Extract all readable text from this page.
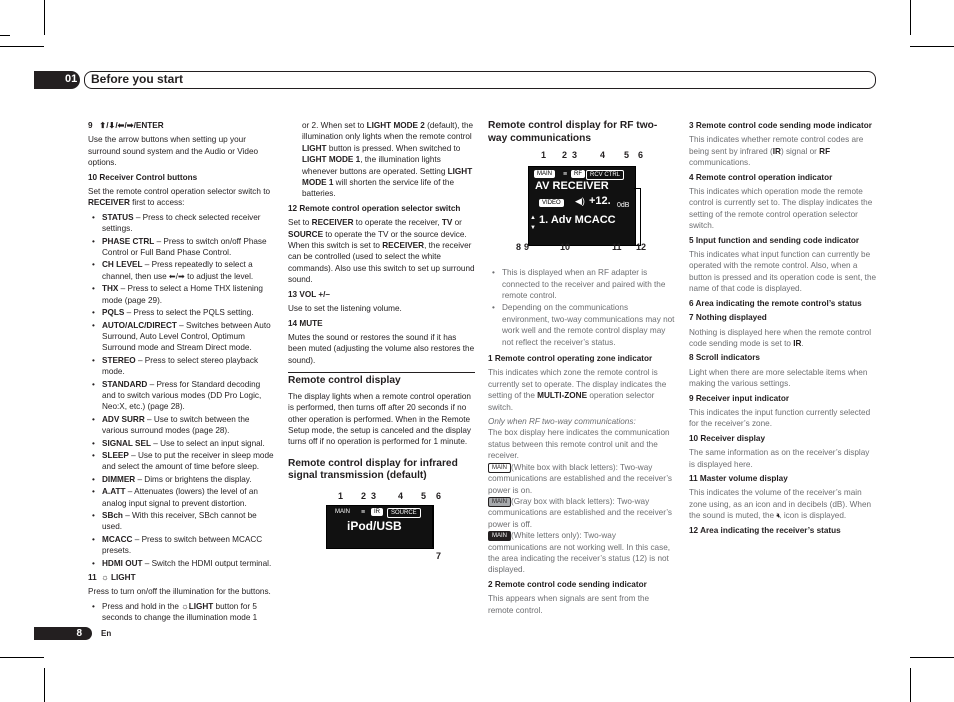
01 Before you start

9 ⬆/⬇/⬅/➡/ENTER

Use the arrow buttons when setting up your surround sound system and the Audio or Video options.

10 Receiver Control buttons

Set the remote control operation selector switch to RECEIVER first to access:

• STATUS – Press to check selected receiver settings.
• PHASE CTRL – Press to switch on/off Phase Control or Full Band Phase Control.
• CH LEVEL – Press repeatedly to select a channel, then use ⬅/➡ to adjust the level.
• THX – Press to select a Home THX listening mode (page 29).
• PQLS – Press to select the PQLS setting.
• AUTO/ALC/DIRECT – Switches between Auto Surround, Auto Level Control, Optimum Surround mode and Stream Direct mode.
• STEREO – Press to select stereo playback mode.
• STANDARD – Press for Standard decoding and to switch various modes (DD Pro Logic, Neo:X, etc.) (page 28).
• ADV SURR – Use to switch between the various surround modes (page 28).
• SIGNAL SEL – Use to select an input signal.
• SLEEP – Use to put the receiver in sleep mode and select the amount of time before sleep.
• DIMMER – Dims or brightens the display.
• A.ATT – Attenuates (lowers) the level of an analog input signal to prevent distortion.
• SBch – With this receiver, SBch cannot be used.
• MCACC – Press to switch between MCACC presets.
• HDMI OUT – Switch the HDMI output terminal.

11 ☼ LIGHT

Press to turn on/off the illumination for the buttons.

• Press and hold in the ☼LIGHT button for 5 seconds to change the illumination mode 1

or 2. When set to LIGHT MODE 2 (default), the illumination only lights when the remote control LIGHT button is pressed. When switched to LIGHT MODE 1, the illumination lights whenever buttons are operated. Setting LIGHT MODE 1 will shorten the service life of the batteries.

12 Remote control operation selector switch

Set to RECEIVER to operate the receiver, TV or SOURCE to operate the TV or the source device. When this switch is set to RECEIVER, the receiver can be controlled (used to select the white commands). Also use this switch to set up surround sound.

13 VOL +/–

Use to set the listening volume.

14 MUTE

Mutes the sound or restores the sound if it has been muted (adjusting the volume also restores the sound).

Remote control display

The display lights when a remote control operation is performed, then turns off after 20 seconds if no other operation is performed. When in the Remote Setup mode, the setup is canceled and the display turns off if no operation is performed for 1 minute.

Remote control display for infrared signal transmission (default)

1 2 3 4 5 6
MAIN	≡	IR	SOURCE
iPod/USB
7

Remote control display for RF two-way communications

1 2 3	4 5 6
MAIN	≡	RF	RCV CTRL
AV RECEIVER
VIDEO	◀) +12. 0dB
▲
▼
1. Adv MCACC
8 9	10	11 12
• This is displayed when an RF adapter is connected to the receiver and paired with the remote control.
• Depending on the communications environment, two-way communications may not work well and the remote control display may not reflect the receiver’s status.

1 Remote control operating zone indicator

This indicates which zone the remote control is currently set to operate. The display indicates the setting of the MULTI-ZONE operation selector switch.

Only when RF two-way communications:

The box display here indicates the communication status between this remote control unit and the receiver.

MAIN (White box with black letters): Two-way communications are established and the receiver’s power is on.

MAIN (Gray box with black letters): Two-way communications are established and the receiver’s power is off.

MAIN (White letters only): Two-way communications are not working well. In this case, the area indicating the receiver’s status (12) is not displayed.

2 Remote control code sending indicator

This appears when signals are sent from the remote control.

3 Remote control code sending mode indicator

This indicates whether remote control codes are being sent by infrared (IR) signal or RF communications.

4 Remote control operation indicator

This indicates which operation mode the remote control is currently set to. The display indicates the setting of the remote control operation selector switch.

5 Input function and sending code indicator

This indicates what input function can currently be operated with the remote control. Also, when a button is pressed and its operation code is sent, the name of that code is displayed.

6 Area indicating the remote control’s status

7 Nothing displayed

Nothing is displayed here when the remote control code sending mode is set to IR.

8 Scroll indicators

Light when there are more selectable items when making the various settings.

9 Receiver input indicator

This indicates the input function currently selected for the receiver’s zone.

10 Receiver display

The same information as on the receiver’s display is displayed here.

11 Master volume display

This indicates the volume of the receiver’s main zone using, as an icon and in decibels (dB). When the sound is muted, the 🔇︎ icon is displayed.

12 Area indicating the receiver’s status

8 En
